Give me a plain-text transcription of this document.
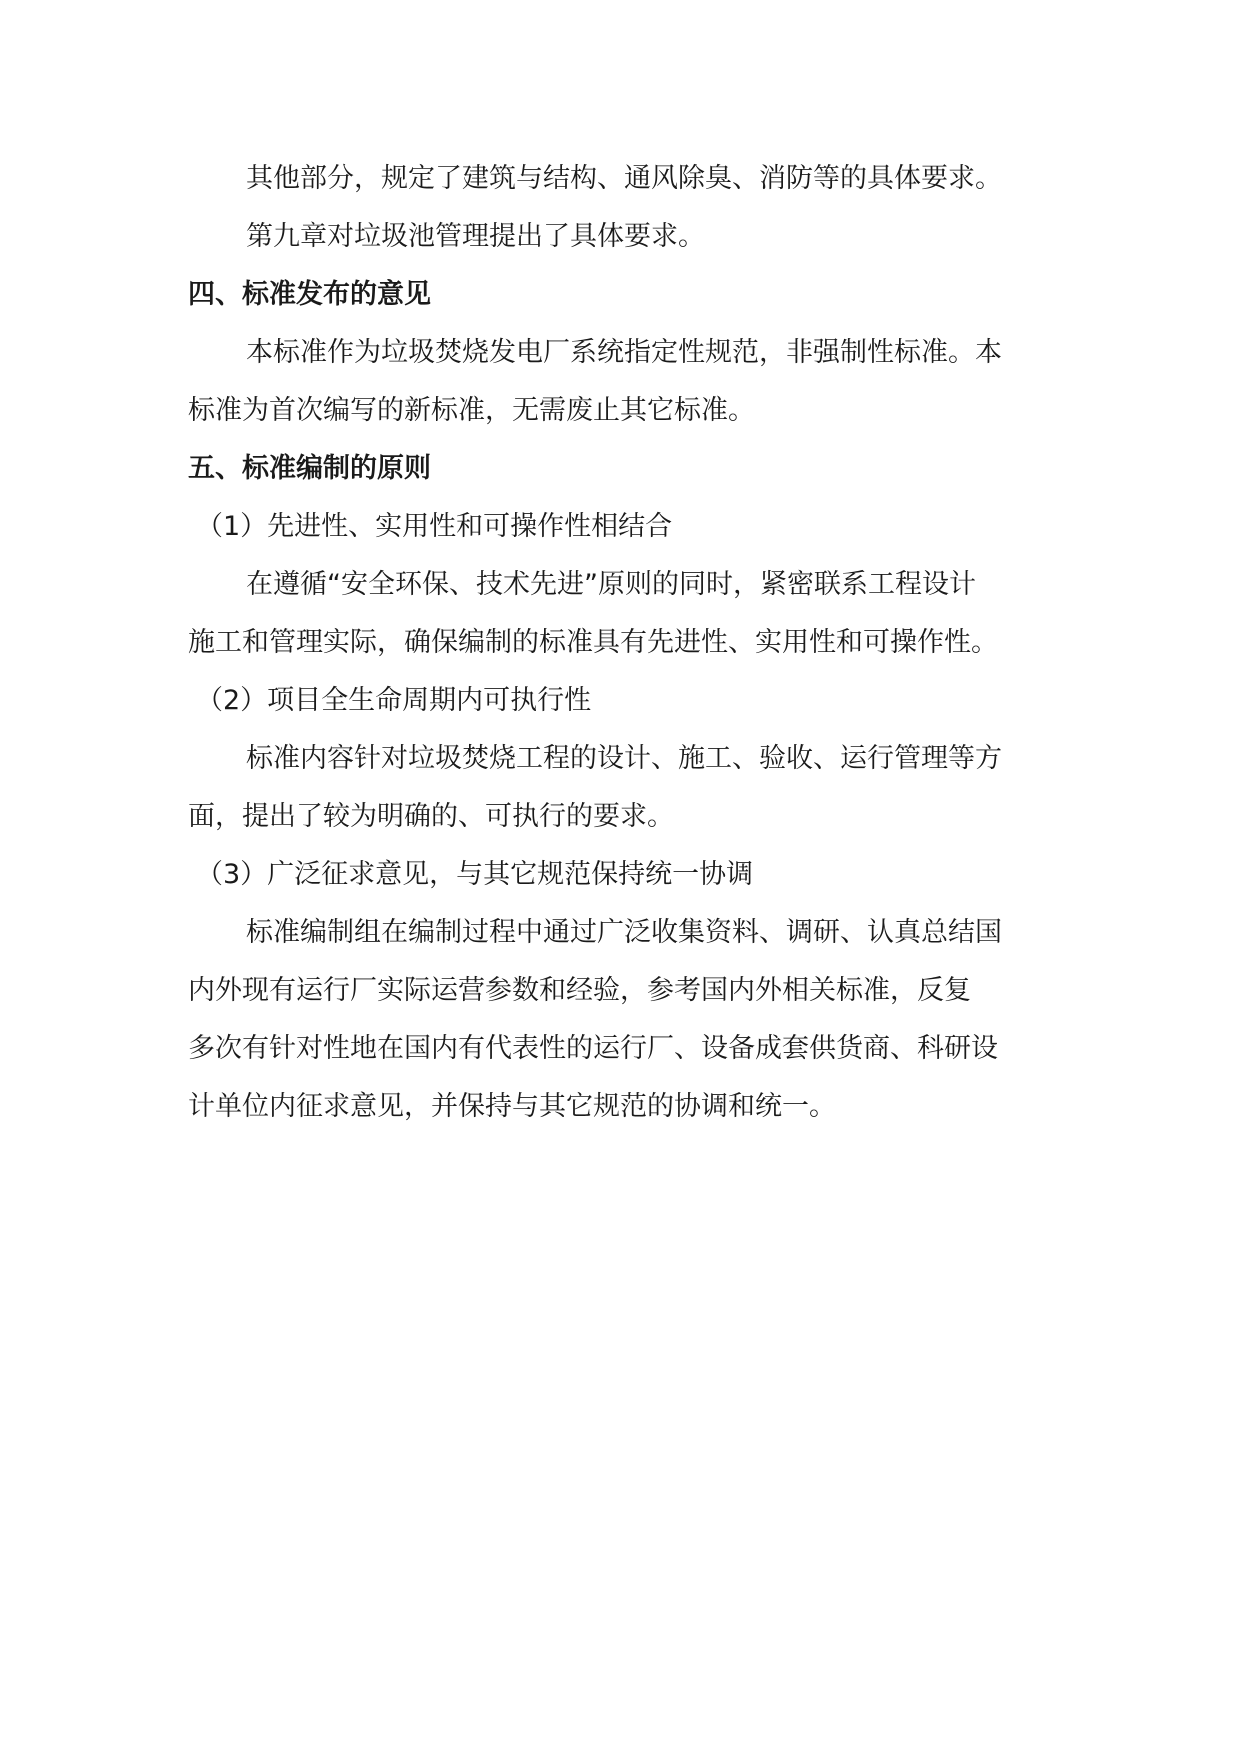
其他部分，规定了建筑与结构、通风除臭、消防等的具体要求。
第九章对垃圾池管理提出了具体要求。
四、标准发布的意见
本标准作为垃圾焚烧发电厂系统指定性规范，非强制性标准。本
标准为首次编写的新标准，无需废止其它标准。
五、标准编制的原则
（1）先进性、实用性和可操作性相结合
在遵循“安全环保、技术先进”原则的同时，紧密联系工程设计
施工和管理实际，确保编制的标准具有先进性、实用性和可操作性。
（2）项目全生命周期内可执行性
标准内容针对垃圾焚烧工程的设计、施工、验收、运行管理等方
面，提出了较为明确的、可执行的要求。
（3）广泛征求意见，与其它规范保持统一协调
标准编制组在编制过程中通过广泛收集资料、调研、认真总结国
内外现有运行厂实际运营参数和经验，参考国内外相关标准，反复
多次有针对性地在国内有代表性的运行厂、设备成套供货商、科研设
计单位内征求意见，并保持与其它规范的协调和统一。
